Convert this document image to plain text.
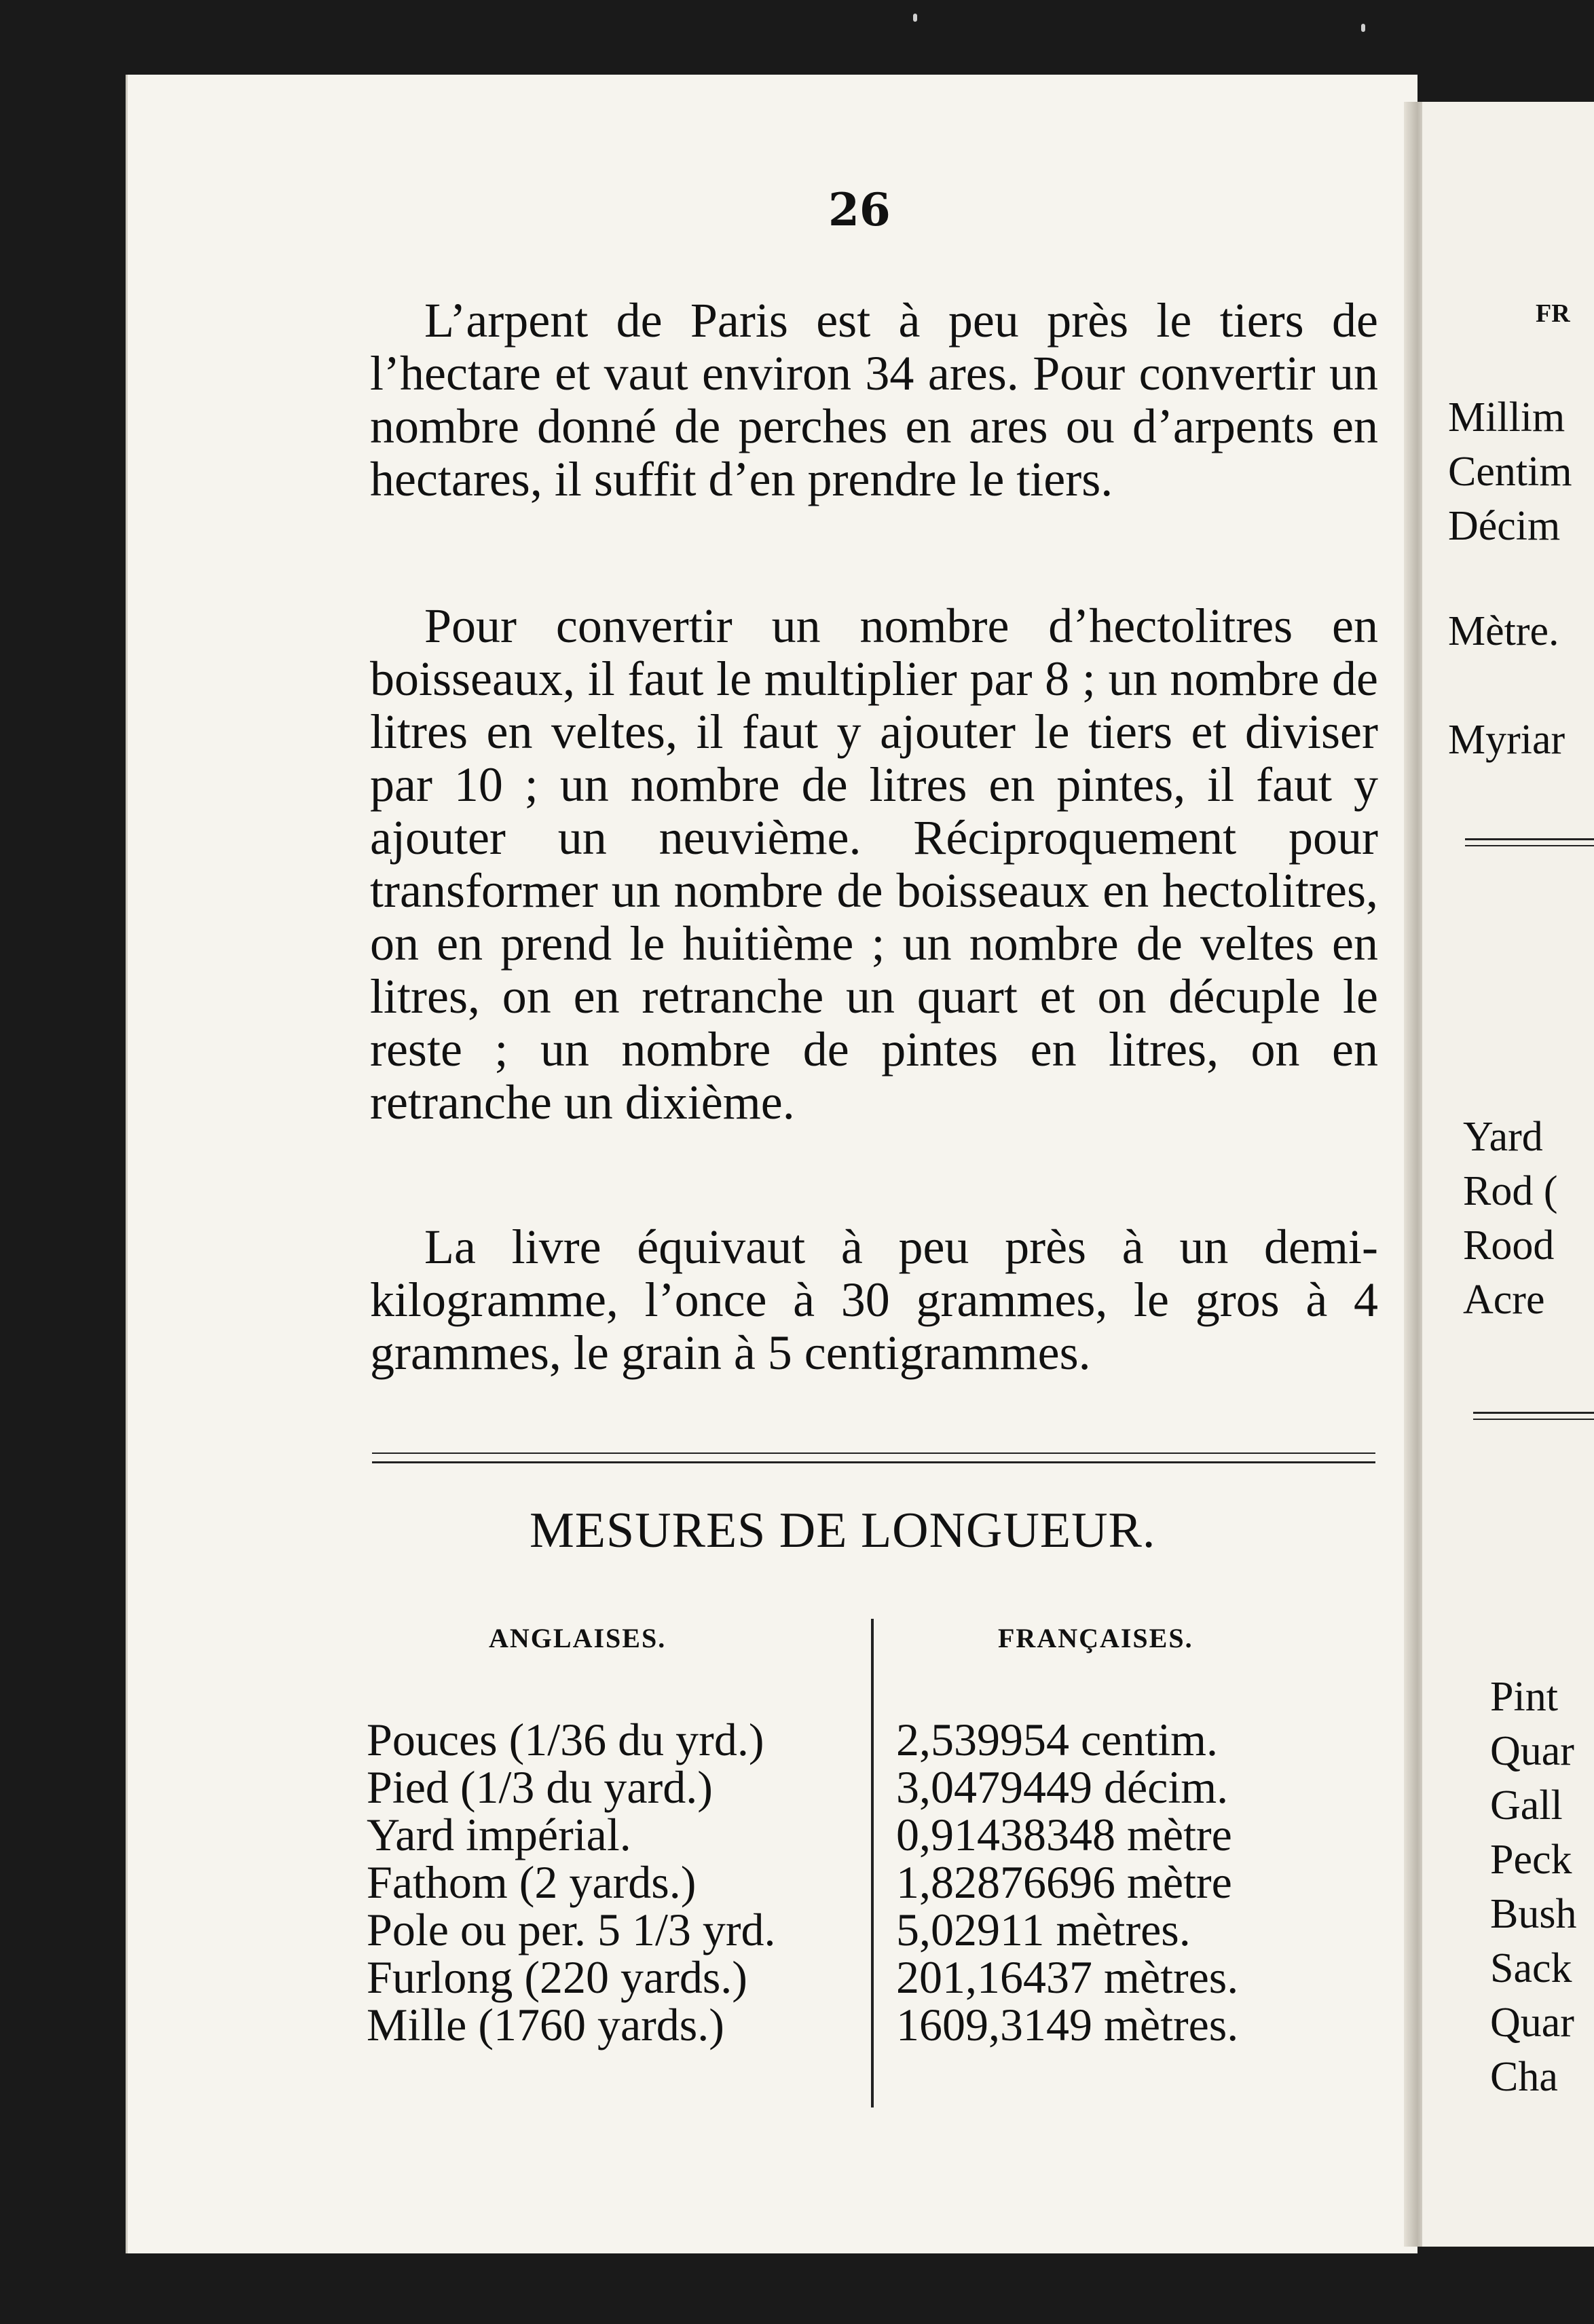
26

L’arpent de Paris est à peu près le tiers de l’hectare et vaut environ 34 ares. Pour convertir un nombre donné de perches en ares ou d’arpents en hectares, il suffit d’en prendre le tiers.

Pour convertir un nombre d’hectolitres en boisseaux, il faut le multiplier par 8 ; un nombre de litres en veltes, il faut y ajouter le tiers et diviser par 10 ; un nombre de litres en pintes, il faut y ajouter un neuvième. Réciproquement pour transformer un nombre de boisseaux en hectolitres, on en prend le huitième ; un nombre de veltes en litres, on en retranche un quart et on décuple le reste ; un nombre de pintes en litres, on en retranche un dixième.

La livre équivaut à peu près à un demi-kilogramme, l’once à 30 grammes, le gros à 4 grammes, le grain à 5 centigrammes.

MESURES DE LONGUEUR.
ANGLAISES.	FRANÇAISES.
Pouces (1/36 du yrd.)	2,539954 centim.
Pied (1/3 du yard.)	3,0479449 décim.
Yard impérial.	0,91438348 mètre
Fathom (2 yards.)	1,82876696 mètre
Pole ou per. 5 1/3 yrd.	5,02911 mètres.
Furlong (220 yards.)	201,16437 mètres.
Mille (1760 yards.)	1609,3149 mètres.
FR
Millim
Centim
Décim
Mètre.
Myriar
Yard
Rod (
Rood
Acre
Pint
Quar
Gall
Peck
Bush
Sack
Quar
Cha
